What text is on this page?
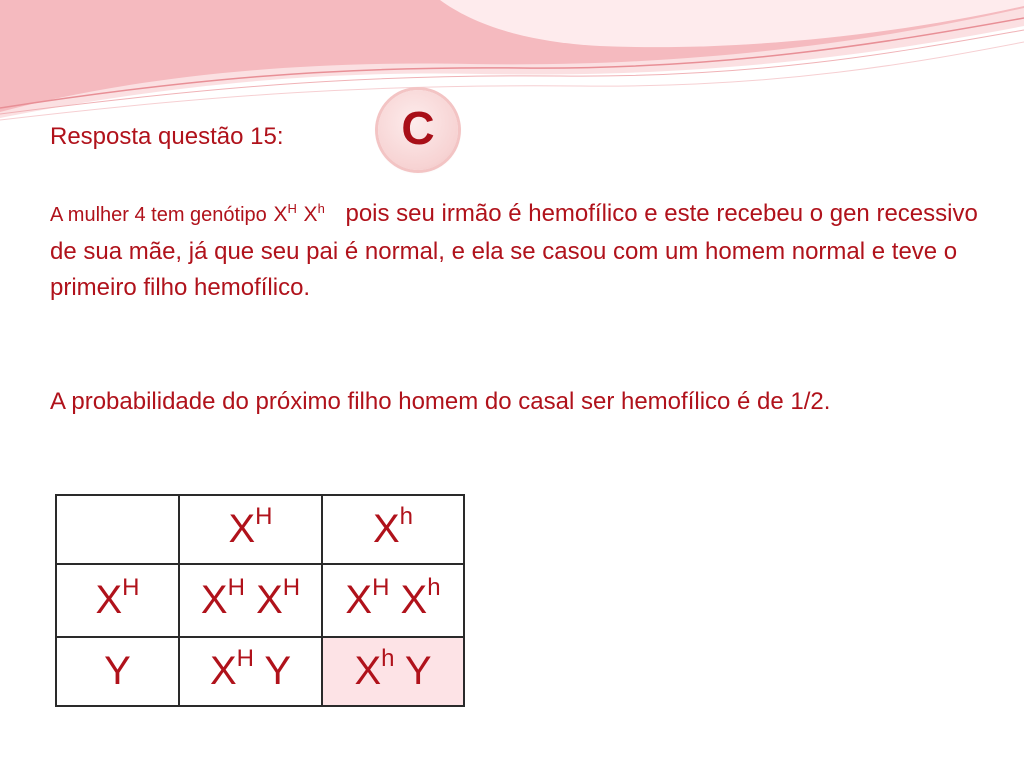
Resposta questão 15:	C
A mulher 4 tem genótipo $X^H$ $X^h$ pois seu irmão é hemofílico e este recebeu o gen recessivo de sua mãe, já que seu pai é normal, e ela se casou com um homem normal e teve o primeiro filho hemofílico.
A probabilidade do próximo filho homem do casal ser hemofílico é de 1/2.
	$X^H$	$X^h$
$X^H$	$X^H$ $X^H$	$X^H$ $X^h$
Y	$X^H$ Y	$X^h$ Y
